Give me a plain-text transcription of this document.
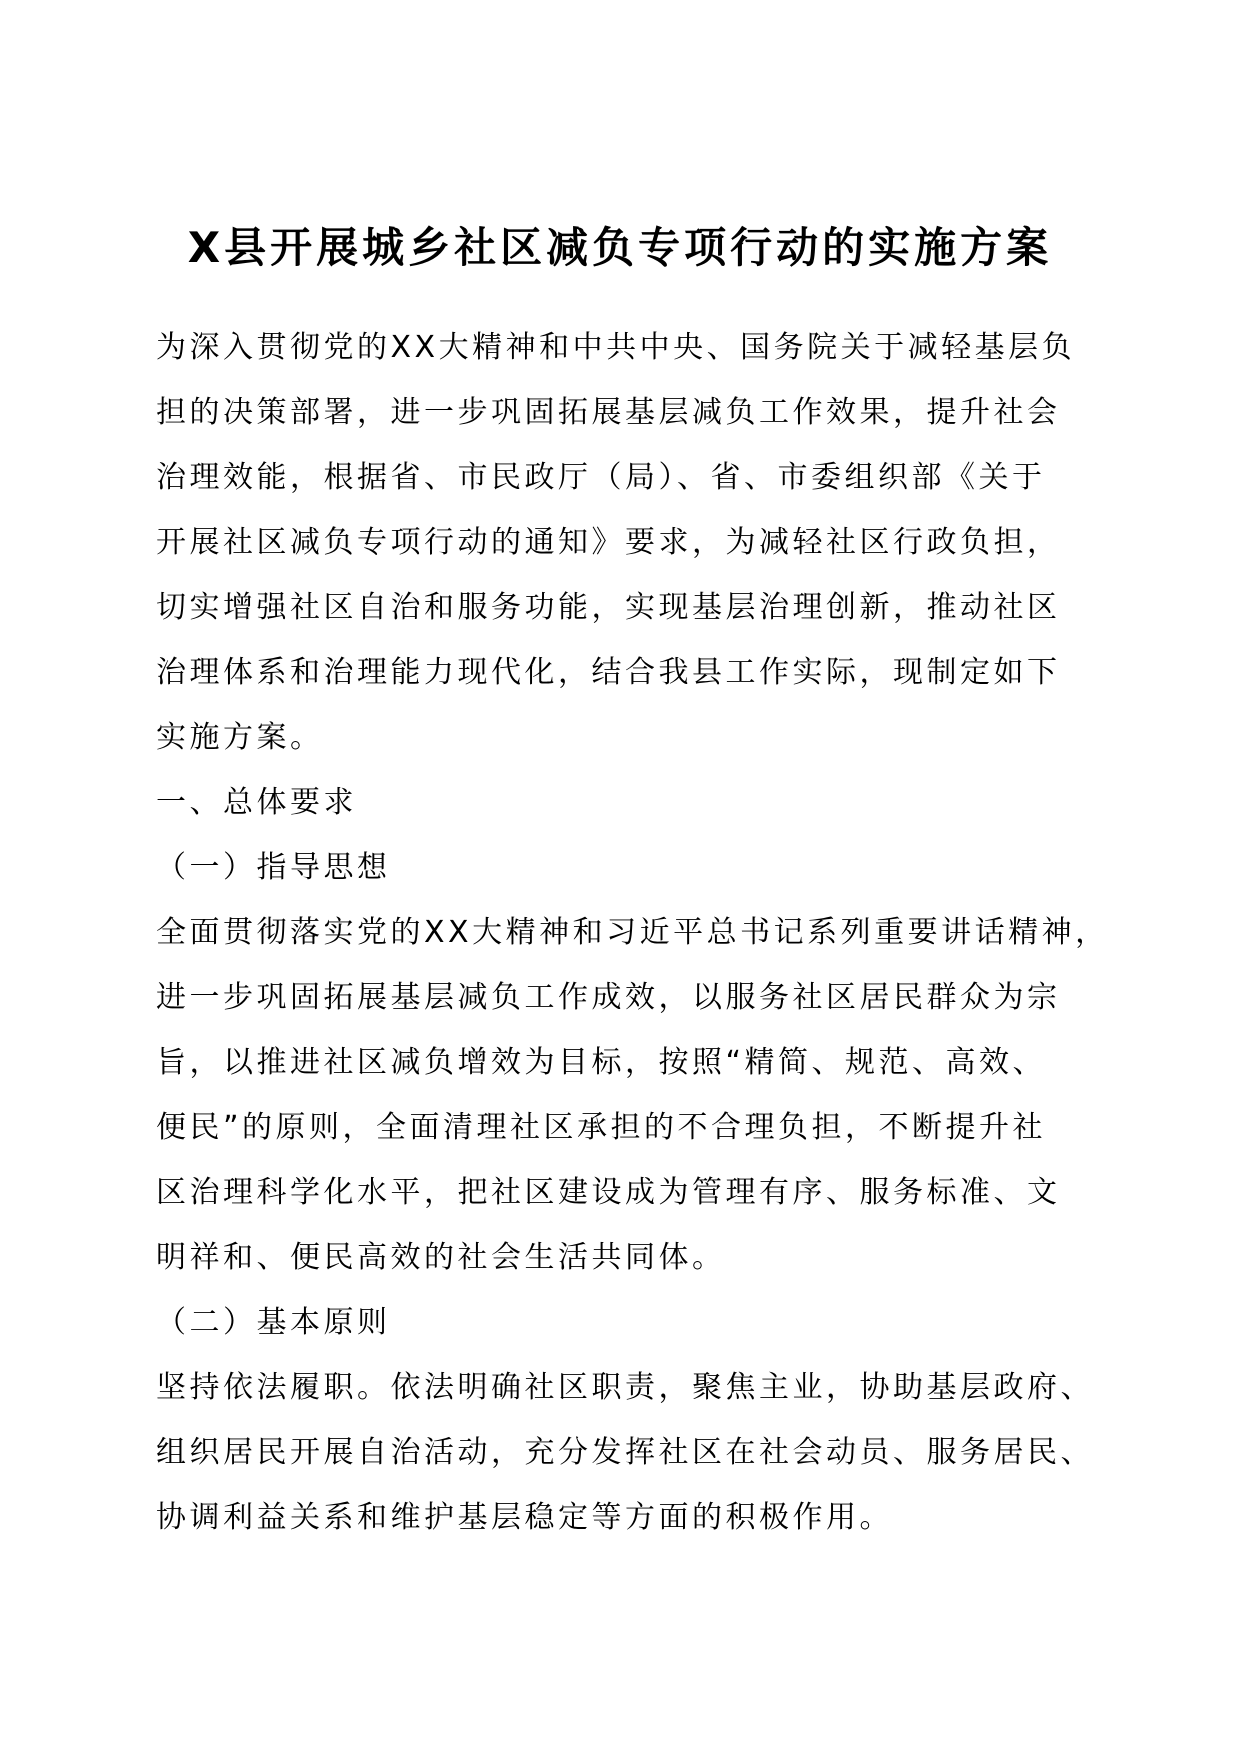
X县开展城乡社区减负专项行动的实施方案
为深入贯彻党的XX大精神和中共中央、国务院关于减轻基层负
担的决策部署，进一步巩固拓展基层减负工作效果，提升社会
治理效能，根据省、市民政厅（局）、省、市委组织部《关于
开展社区减负专项行动的通知》要求，为减轻社区行政负担，
切实增强社区自治和服务功能，实现基层治理创新，推动社区
治理体系和治理能力现代化，结合我县工作实际，现制定如下
实施方案。
一、总体要求
（一）指导思想
全面贯彻落实党的XX大精神和习近平总书记系列重要讲话精神，
进一步巩固拓展基层减负工作成效，以服务社区居民群众为宗
旨，以推进社区减负增效为目标，按照“精简、规范、高效、
便民”的原则，全面清理社区承担的不合理负担，不断提升社
区治理科学化水平，把社区建设成为管理有序、服务标准、文
明祥和、便民高效的社会生活共同体。
（二）基本原则
坚持依法履职。依法明确社区职责，聚焦主业，协助基层政府、
组织居民开展自治活动，充分发挥社区在社会动员、服务居民、
协调利益关系和维护基层稳定等方面的积极作用。
